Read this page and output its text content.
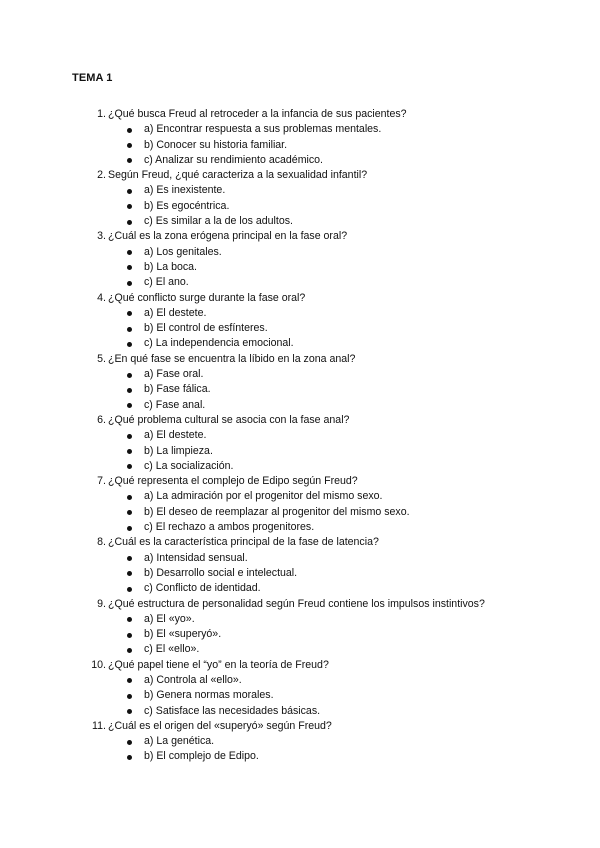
TEMA 1
1. ¿Qué busca Freud al retroceder a la infancia de sus pacientes?
a) Encontrar respuesta a sus problemas mentales.
b) Conocer su historia familiar.
c) Analizar su rendimiento académico.
2. Según Freud, ¿qué caracteriza a la sexualidad infantil?
a) Es inexistente.
b) Es egocéntrica.
c) Es similar a la de los adultos.
3. ¿Cuál es la zona erógena principal en la fase oral?
a) Los genitales.
b) La boca.
c) El ano.
4. ¿Qué conflicto surge durante la fase oral?
a) El destete.
b) El control de esfínteres.
c) La independencia emocional.
5. ¿En qué fase se encuentra la líbido en la zona anal?
a) Fase oral.
b) Fase fálica.
c) Fase anal.
6. ¿Qué problema cultural se asocia con la fase anal?
a) El destete.
b) La limpieza.
c) La socialización.
7. ¿Qué representa el complejo de Edipo según Freud?
a) La admiración por el progenitor del mismo sexo.
b) El deseo de reemplazar al progenitor del mismo sexo.
c) El rechazo a ambos progenitores.
8. ¿Cuál es la característica principal de la fase de latencia?
a) Intensidad sensual.
b) Desarrollo social e intelectual.
c) Conflicto de identidad.
9. ¿Qué estructura de personalidad según Freud contiene los impulsos instintivos?
a) El «yo».
b) El «superyó».
c) El «ello».
10. ¿Qué papel tiene el “yo” en la teoría de Freud?
a) Controla al «ello».
b) Genera normas morales.
c) Satisface las necesidades básicas.
11. ¿Cuál es el origen del «superyó» según Freud?
a) La genética.
b) El complejo de Edipo.
